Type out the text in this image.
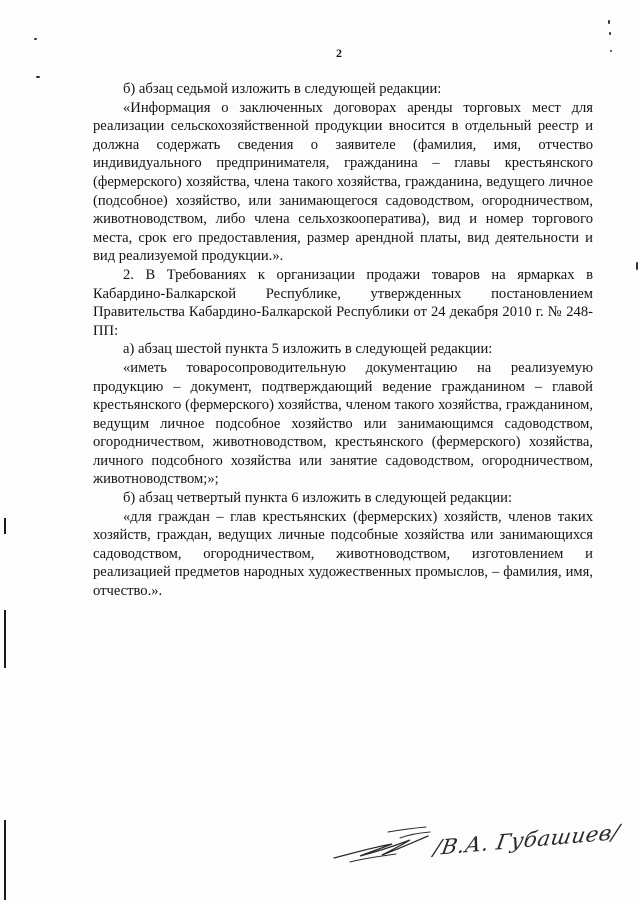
2

б) абзац седьмой изложить в следующей редакции:

«Информация о заключенных договорах аренды торговых мест для реализации сельскохозяйственной продукции вносится в отдельный реестр и должна содержать сведения о заявителе (фамилия, имя, отчество индивидуального предпринимателя, гражданина – главы крестьянского (фермерского) хозяйства, члена такого хозяйства, гражданина, ведущего личное (подсобное) хозяйство, или занимающегося садоводством, огородничеством, животноводством, либо члена сельхозкооператива), вид и номер торгового места, срок его предоставления, размер арендной платы, вид деятельности и вид реализуемой продукции.».

2. В Требованиях к организации продажи товаров на ярмарках в Кабардино-Балкарской Республике, утвержденных постановлением Правительства Кабардино-Балкарской Республики от 24 декабря 2010 г. № 248-ПП:

а) абзац шестой пункта 5 изложить в следующей редакции:

«иметь товаросопроводительную документацию на реализуемую продукцию – документ, подтверждающий ведение гражданином – главой крестьянского (фермерского) хозяйства, членом такого хозяйства, гражданином, ведущим личное подсобное хозяйство или занимающимся садоводством, огородничеством, животноводством, крестьянского (фермерского) хозяйства, личного подсобного хозяйства или занятие садоводством, огородничеством, животноводством;»;

б) абзац четвертый пункта 6 изложить в следующей редакции:

«для граждан – глав крестьянских (фермерских) хозяйств, членов таких хозяйств, граждан, ведущих личные подсобные хозяйства или занимающихся садоводством, огородничеством, животноводством, изготовлением и реализацией предметов народных художественных промыслов, – фамилия, имя, отчество.».

/В.А. Губашиев/
